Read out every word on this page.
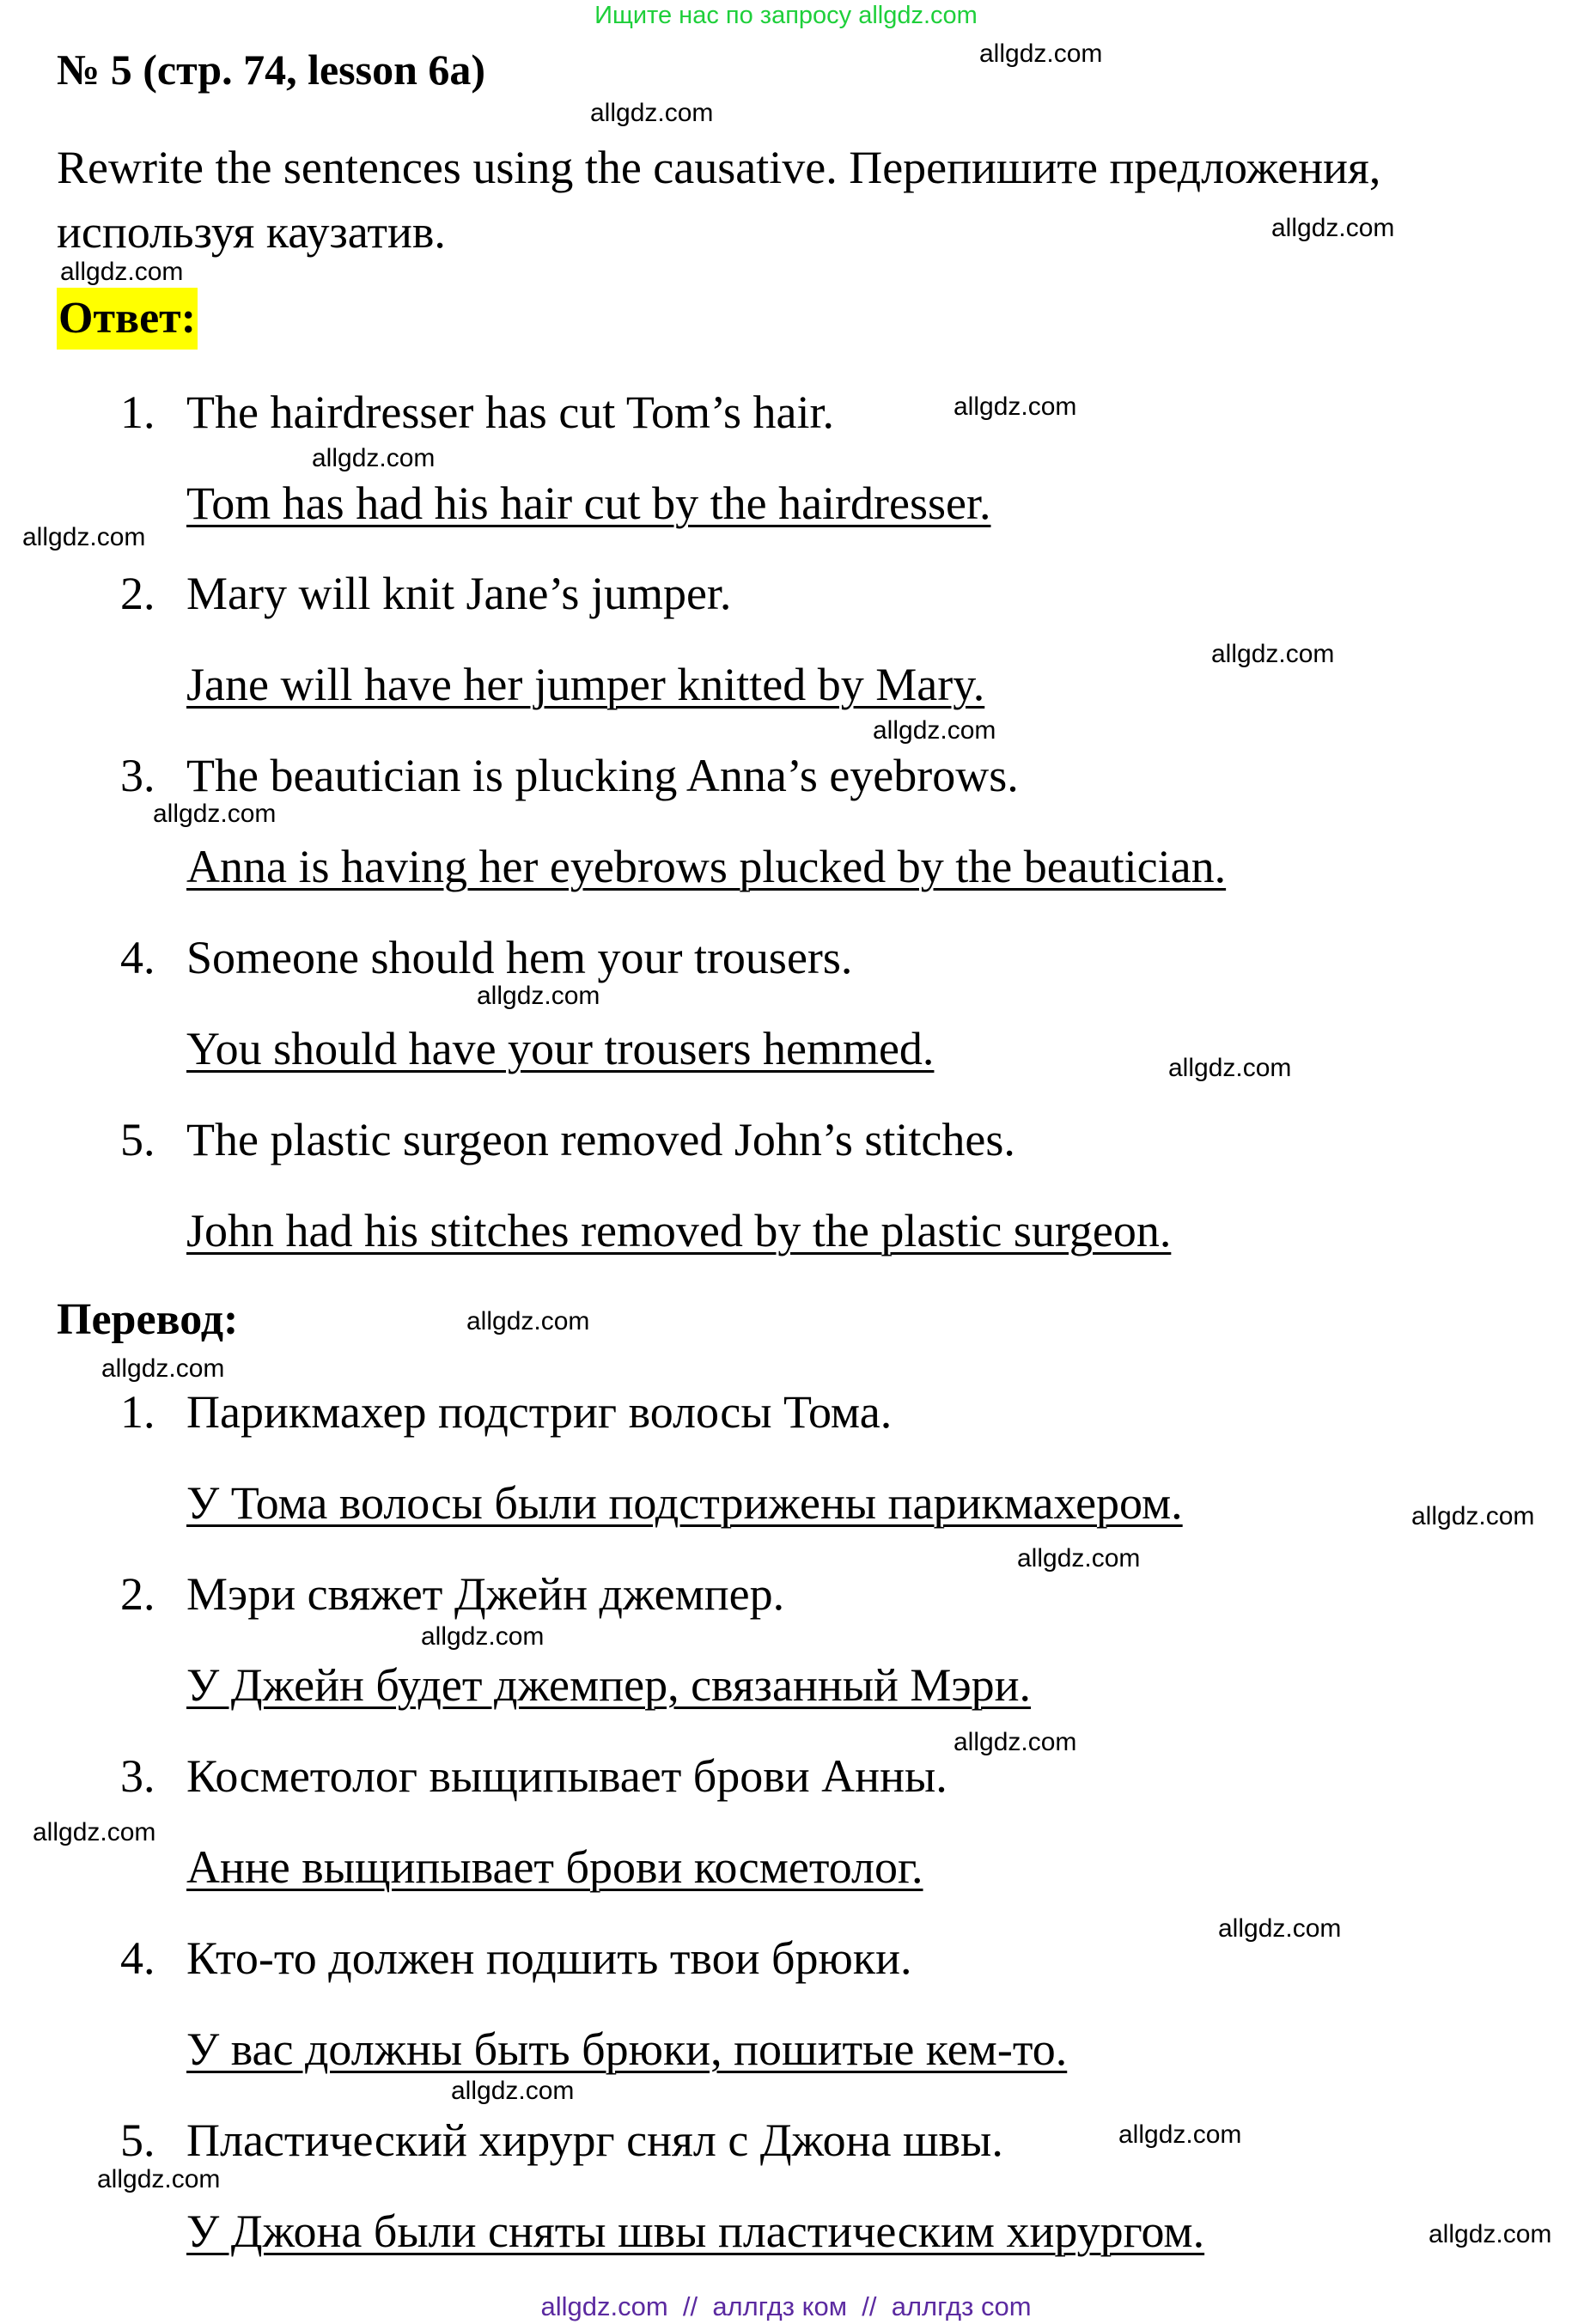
Ищите нас по запросу allgdz.com
№ 5 (стр. 74, lesson 6a)

Rewrite the sentences using the causative. Перепишите предложения, используя каузатив.

Ответ:
1. The hairdresser has cut Tom’s hair.
Tom has had his hair cut by the hairdresser.
2. Mary will knit Jane’s jumper.
Jane will have her jumper knitted by Mary.
3. The beautician is plucking Anna’s eyebrows.
Anna is having her eyebrows plucked by the beautician.
4. Someone should hem your trousers.
You should have your trousers hemmed.
5. The plastic surgeon removed John’s stitches.
John had his stitches removed by the plastic surgeon.
Перевод:
1. Парикмахер подстриг волосы Тома.
У Тома волосы были подстрижены парикмахером.
2. Мэри свяжет Джейн джемпер.
У Джейн будет джемпер, связанный Мэри.
3. Косметолог выщипывает брови Анны.
Анне выщипывает брови косметолог.
4. Кто-то должен подшить твои брюки.
У вас должны быть брюки, пошитые кем-то.
5. Пластический хирург снял с Джона швы.
У Джона были сняты швы пластическим хирургом.
allgdz.com
allgdz.com
allgdz.com
allgdz.com
allgdz.com
allgdz.com
allgdz.com
allgdz.com
allgdz.com
allgdz.com
allgdz.com
allgdz.com
allgdz.com
allgdz.com
allgdz.com
allgdz.com
allgdz.com
allgdz.com
allgdz.com
allgdz.com
allgdz.com
allgdz.com
allgdz.com
allgdz.com
allgdz.com  //  аллгдз ком  //  аллгдз com
